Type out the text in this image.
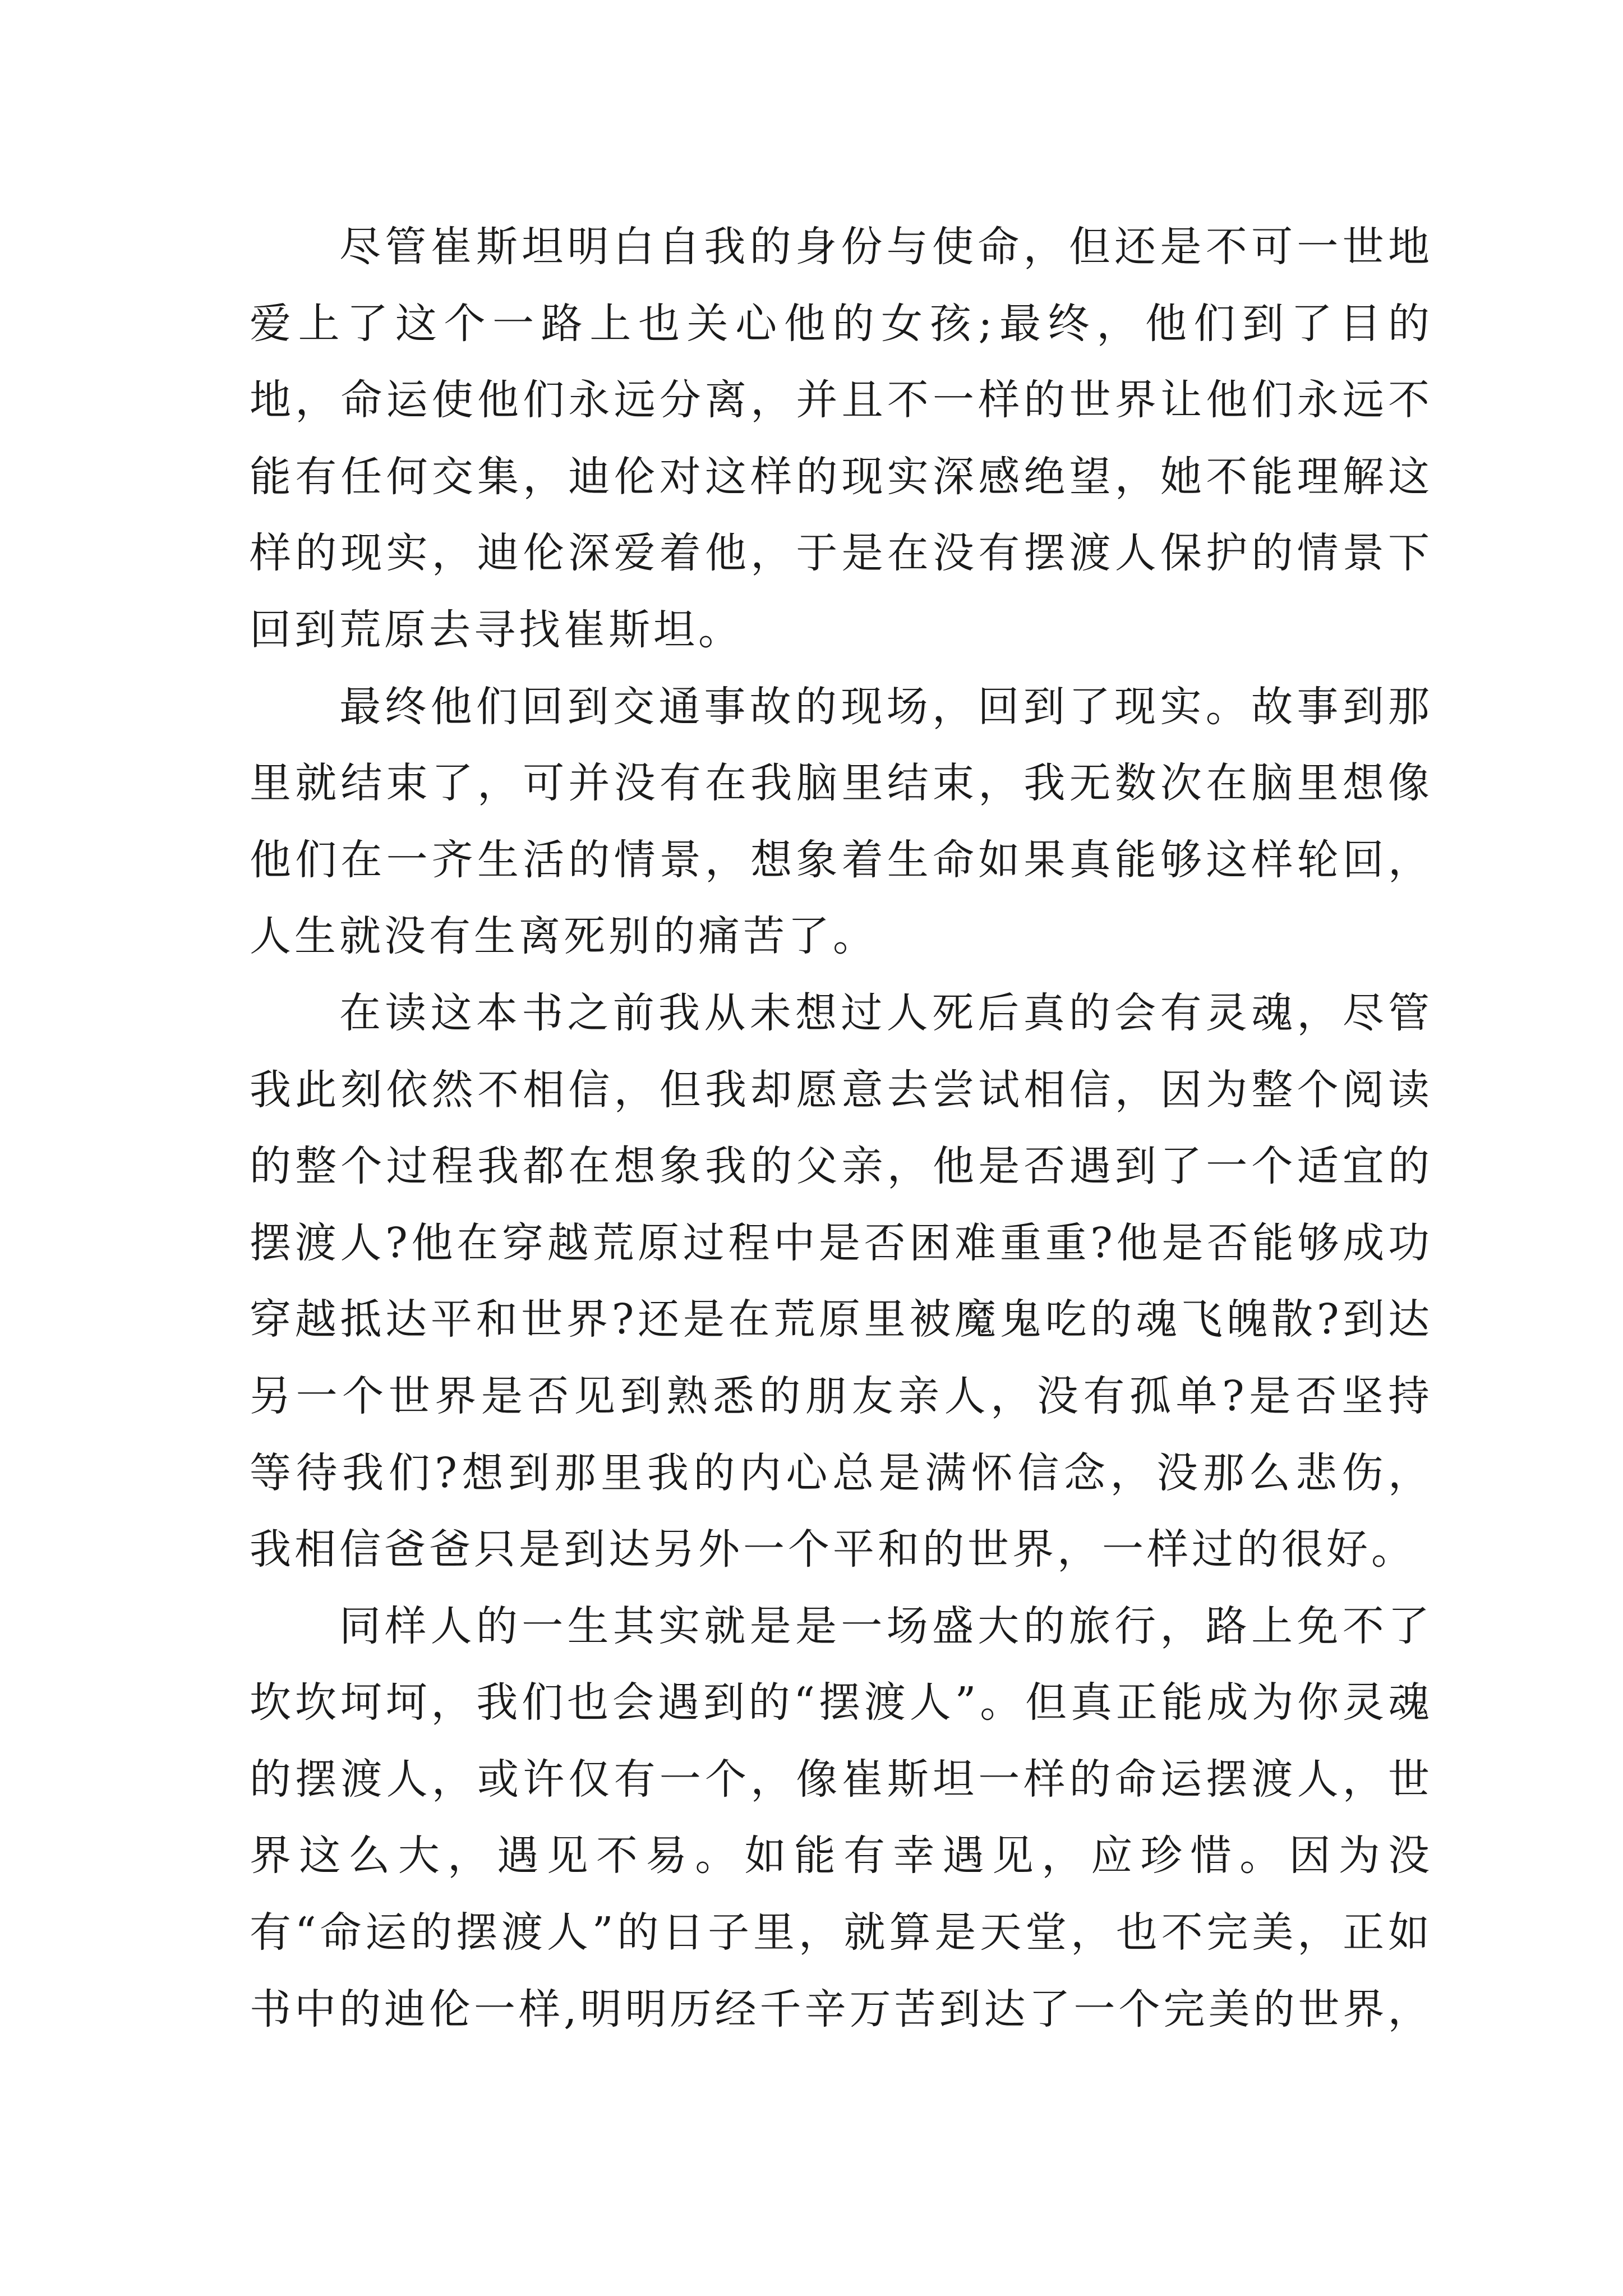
尽管崔斯坦明白自我的身份与使命，但还是不可一世地爱上了这个一路上也关心他的女孩;最终，他们到了目的地，命运使他们永远分离，并且不一样的世界让他们永远不能有任何交集，迪伦对这样的现实深感绝望，她不能理解这样的现实，迪伦深爱着他，于是在没有摆渡人保护的情景下回到荒原去寻找崔斯坦。

最终他们回到交通事故的现场，回到了现实。故事到那里就结束了，可并没有在我脑里结束，我无数次在脑里想像他们在一齐生活的情景，想象着生命如果真能够这样轮回，人生就没有生离死别的痛苦了。

在读这本书之前我从未想过人死后真的会有灵魂，尽管我此刻依然不相信，但我却愿意去尝试相信，因为整个阅读的整个过程我都在想象我的父亲，他是否遇到了一个适宜的摆渡人?他在穿越荒原过程中是否困难重重?他是否能够成功穿越抵达平和世界?还是在荒原里被魔鬼吃的魂飞魄散?到达另一个世界是否见到熟悉的朋友亲人，没有孤单?是否坚持等待我们?想到那里我的内心总是满怀信念，没那么悲伤，我相信爸爸只是到达另外一个平和的世界，一样过的很好。

同样人的一生其实就是是一场盛大的旅行，路上免不了坎坎坷坷，我们也会遇到的“摆渡人”。但真正能成为你灵魂的摆渡人，或许仅有一个，像崔斯坦一样的命运摆渡人，世界这么大，遇见不易。如能有幸遇见，应珍惜。因为没有“命运的摆渡人”的日子里，就算是天堂，也不完美，正如书中的迪伦一样,明明历经千辛万苦到达了一个完美的世界，
